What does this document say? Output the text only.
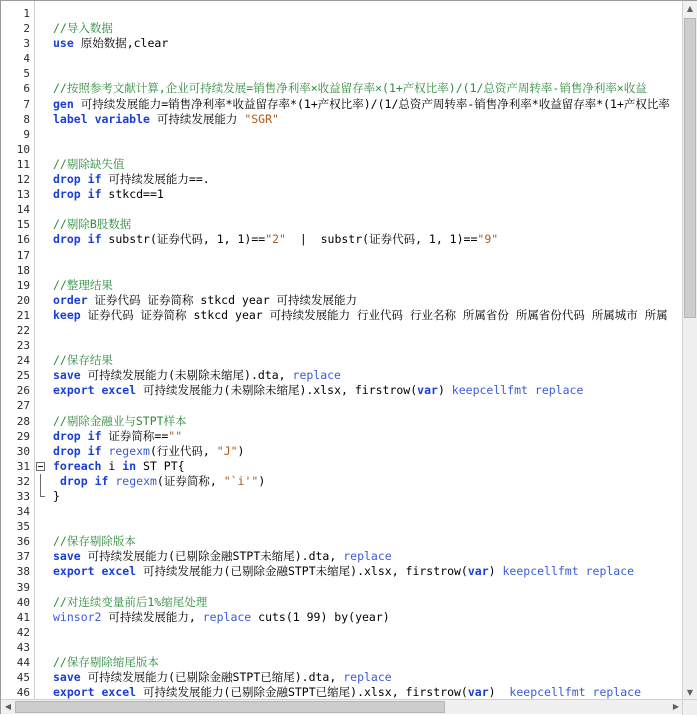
1
2
3
4
5
6
7
8
9
10
11
12
13
14
15
16
17
18
19
20
21
22
23
24
25
26
27
28
29
30
31
32
33
34
35
36
37
38
39
40
41
42
43
44
45
46
//导入数据
use 原始数据,clear
//按照参考文献计算,企业可持续发展=销售净利率×收益留存率×(1+产权比率)/(1/总资产周转率-销售净利率×收益
gen 可持续发展能力=销售净利率*收益留存率*(1+产权比率)/(1/总资产周转率-销售净利率*收益留存率*(1+产权比率
label variable 可持续发展能力 "SGR"
//剔除缺失值
drop if 可持续发展能力==.
drop if stkcd==1
//剔除B股数据
drop if substr(证券代码, 1, 1)=="2"  |  substr(证券代码, 1, 1)=="9"
//整理结果
order 证券代码 证券简称 stkcd year 可持续发展能力
keep 证券代码 证券简称 stkcd year 可持续发展能力 行业代码 行业名称 所属省份 所属省份代码 所属城市 所属
//保存结果
save 可持续发展能力(未剔除未缩尾).dta, replace
export excel 可持续发展能力(未剔除未缩尾).xlsx, firstrow(var) keepcellfmt replace
//剔除金融业与STPT样本
drop if 证券简称==""
drop if regexm(行业代码, "J")
foreach i in ST PT{
drop if regexm(证券简称, "`i'")
}
//保存剔除版本
save 可持续发展能力(已剔除金融STPT未缩尾).dta, replace
export excel 可持续发展能力(已剔除金融STPT未缩尾).xlsx, firstrow(var) keepcellfmt replace
//对连续变量前后1%缩尾处理
winsor2 可持续发展能力, replace cuts(1 99) by(year)
//保存剔除缩尾版本
save 可持续发展能力(已剔除金融STPT已缩尾).dta, replace
export excel 可持续发展能力(已剔除金融STPT已缩尾).xlsx, firstrow(var)  keepcellfmt replace

▲
▼
◀	▶
